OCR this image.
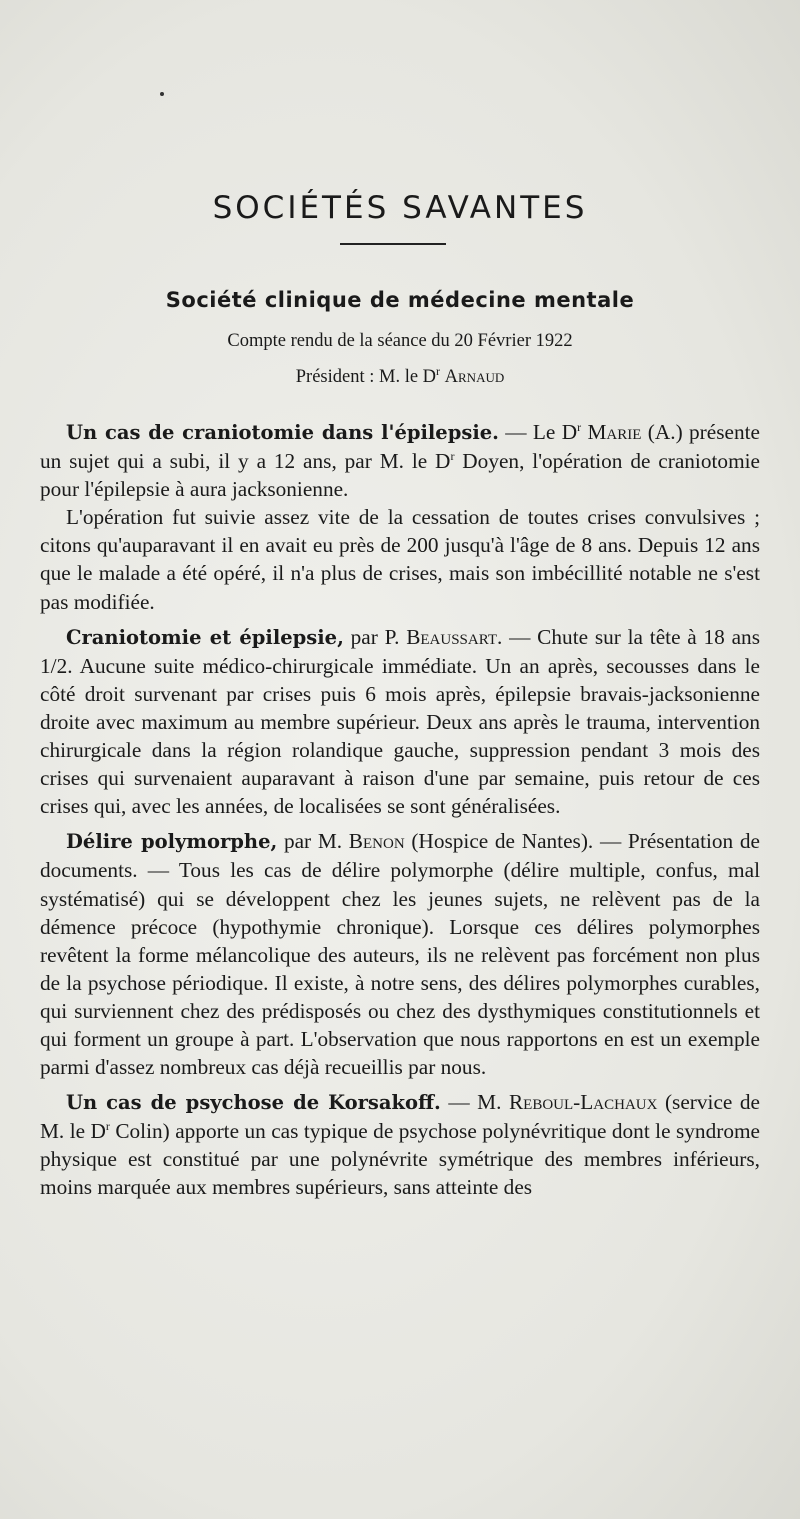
SOCIÉTÉS SAVANTES
Société clinique de médecine mentale
Compte rendu de la séance du 20 Février 1922
Président : M. le $D^r$ Arnaud

Un cas de craniotomie dans l'épilepsie. — Le $D^r$ Marie (A.) présente un sujet qui a subi, il y a 12 ans, par M. le $D^r$ Doyen, l'opération de craniotomie pour l'épilepsie à aura jacksonienne.

L'opération fut suivie assez vite de la cessation de toutes crises convulsives ; citons qu'auparavant il en avait eu près de 200 jusqu'à l'âge de 8 ans. Depuis 12 ans que le malade a été opéré, il n'a plus de crises, mais son imbécillité notable ne s'est pas modifiée.

Craniotomie et épilepsie, par P. Beaussart. — Chute sur la tête à 18 ans 1/2. Aucune suite médico-chirurgicale immédiate. Un an après, secousses dans le côté droit survenant par crises puis 6 mois après, épilepsie bravais-jacksonienne droite avec maximum au membre supérieur. Deux ans après le trauma, intervention chirurgicale dans la région rolandique gauche, suppression pendant 3 mois des crises qui survenaient auparavant à raison d'une par semaine, puis retour de ces crises qui, avec les années, de localisées se sont généralisées.

Délire polymorphe, par M. Benon (Hospice de Nantes). — Présentation de documents. — Tous les cas de délire polymorphe (délire multiple, confus, mal systématisé) qui se développent chez les jeunes sujets, ne relèvent pas de la démence précoce (hypothymie chronique). Lorsque ces délires polymorphes revêtent la forme mélancolique des auteurs, ils ne relèvent pas forcément non plus de la psychose périodique. Il existe, à notre sens, des délires polymorphes curables, qui surviennent chez des prédisposés ou chez des dysthymiques constitutionnels et qui forment un groupe à part. L'observation que nous rapportons en est un exemple parmi d'assez nombreux cas déjà recueillis par nous.

Un cas de psychose de Korsakoff. — M. Reboul-Lachaux (service de M. le $D^r$ Colin) apporte un cas typique de psychose polynévritique dont le syndrome physique est constitué par une polynévrite symétrique des membres inférieurs, moins marquée aux membres supérieurs, sans atteinte des
